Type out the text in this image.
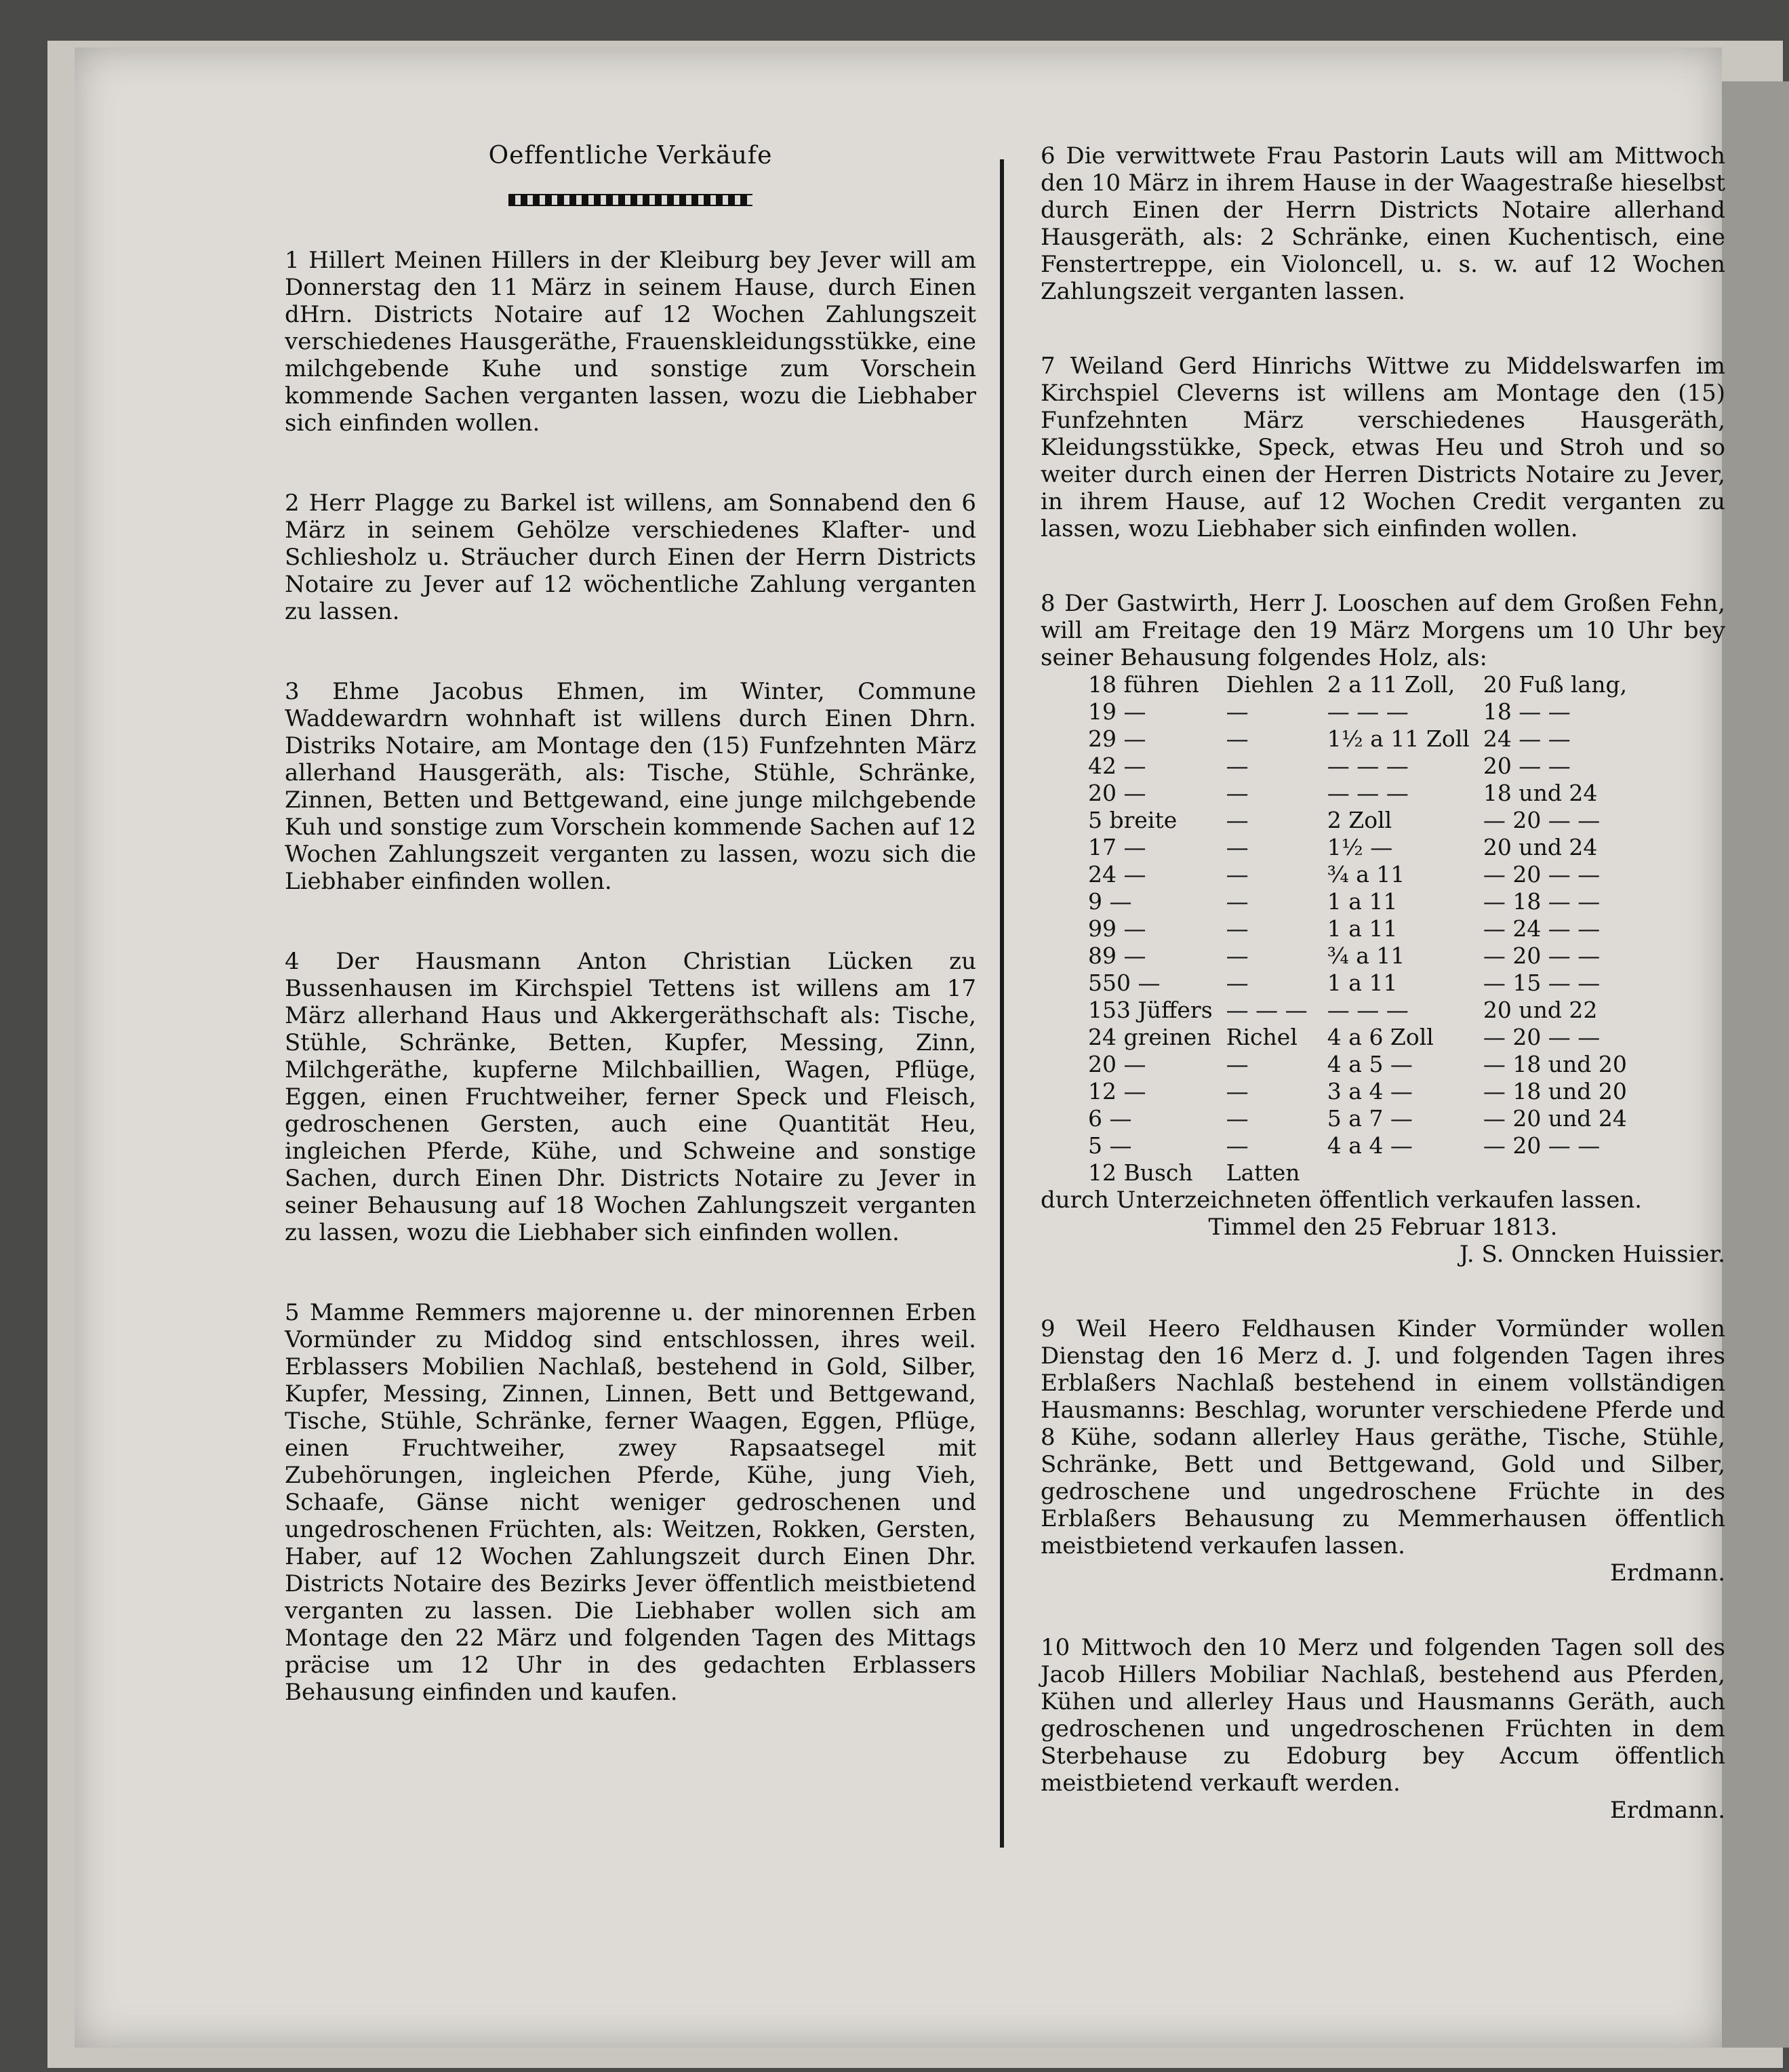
Oeffentliche Verkäufe

1 Hillert Meinen Hillers in der Kleiburg bey Jever will am Donnerstag den 11 März in seinem Hause, durch Einen dHrn. Districts Notaire auf 12 Wochen Zahlungszeit verschiedenes Hausgeräthe, Frauenskleidungsstükke, eine milchgebende Kuhe und sonstige zum Vorschein kommende Sachen verganten lassen, wozu die Liebhaber sich einfinden wollen.

2 Herr Plagge zu Barkel ist willens, am Sonnabend den 6 März in seinem Gehölze verschiedenes Klafter- und Schliesholz u. Sträucher durch Einen der Herrn Districts Notaire zu Jever auf 12 wöchentliche Zahlung verganten zu lassen.

3 Ehme Jacobus Ehmen, im Winter, Commune Waddewardrn wohnhaft ist willens durch Einen Dhrn. Distriks Notaire, am Montage den (15) Funfzehnten März allerhand Hausgeräth, als: Tische, Stühle, Schränke, Zinnen, Betten und Bettgewand, eine junge milchgebende Kuh und sonstige zum Vorschein kommende Sachen auf 12 Wochen Zahlungszeit verganten zu lassen, wozu sich die Liebhaber einfinden wollen.

4 Der Hausmann Anton Christian Lücken zu Bussenhausen im Kirchspiel Tettens ist willens am 17 März allerhand Haus und Akkergeräthschaft als: Tische, Stühle, Schränke, Betten, Kupfer, Messing, Zinn, Milchgeräthe, kupferne Milchbaillien, Wagen, Pflüge, Eggen, einen Fruchtweiher, ferner Speck und Fleisch, gedroschenen Gersten, auch eine Quantität Heu, ingleichen Pferde, Kühe, und Schweine and sonstige Sachen, durch Einen Dhr. Districts Notaire zu Jever in seiner Behausung auf 18 Wochen Zahlungszeit verganten zu lassen, wozu die Liebhaber sich einfinden wollen.

5 Mamme Remmers majorenne u. der minorennen Erben Vormünder zu Middog sind entschlossen, ihres weil. Erblassers Mobilien Nachlaß, bestehend in Gold, Silber, Kupfer, Messing, Zinnen, Linnen, Bett und Bettgewand, Tische, Stühle, Schränke, ferner Waagen, Eggen, Pflüge, einen Fruchtweiher, zwey Rapsaatsegel mit Zubehörungen, ingleichen Pferde, Kühe, jung Vieh, Schaafe, Gänse nicht weniger gedroschenen und ungedroschenen Früchten, als: Weitzen, Rokken, Gersten, Haber, auf 12 Wochen Zahlungszeit durch Einen Dhr. Districts Notaire des Bezirks Jever öffentlich meistbietend verganten zu lassen. Die Liebhaber wollen sich am Montage den 22 März und folgenden Tagen des Mittags präcise um 12 Uhr in des gedachten Erblassers Behausung einfinden und kaufen.

6 Die verwittwete Frau Pastorin Lauts will am Mittwoch den 10 März in ihrem Hause in der Waagestraße hieselbst durch Einen der Herrn Districts Notaire allerhand Hausgeräth, als: 2 Schränke, einen Kuchentisch, eine Fenstertreppe, ein Violoncell, u. s. w. auf 12 Wochen Zahlungszeit verganten lassen.

7 Weiland Gerd Hinrichs Wittwe zu Middelswarfen im Kirchspiel Cleverns ist willens am Montage den (15) Funfzehnten März verschiedenes Hausgeräth, Kleidungsstükke, Speck, etwas Heu und Stroh und so weiter durch einen der Herren Districts Notaire zu Jever, in ihrem Hause, auf 12 Wochen Credit verganten zu lassen, wozu Liebhaber sich einfinden wollen.

8 Der Gastwirth, Herr J. Looschen auf dem Großen Fehn, will am Freitage den 19 März Morgens um 10 Uhr bey seiner Behausung folgendes Holz, als:

18 führen	Diehlen	2 a 11 Zoll,	20 Fuß lang,
19 —	—	— — —	18 — —
29 —	—	1½ a 11 Zoll	24 — —
42 —	—	— — —	20 — —
20 —	—	— — —	18 und 24
5 breite	—	2 Zoll	— 20 — —
17 —	—	1½ —	20 und 24
24 —	—	¾ a 11	— 20 — —
9 —	—	1 a 11	— 18 — —
99 —	—	1 a 11	— 24 — —
89 —	—	¾ a 11	— 20 — —
550 —	—	1 a 11	— 15 — —
153 Jüffers	— — —	— — —	20 und 22
24 greinen	Richel	4 a 6 Zoll	— 20 — —
20 —	—	4 a 5 —	— 18 und 20
12 —	—	3 a 4 —	— 18 und 20
6 —	—	5 a 7 —	— 20 und 24
5 —	—	4 a 4 —	— 20 — —
12 Busch	Latten		

durch Unterzeichneten öffentlich verkaufen lassen.

Timmel den 25 Februar 1813.

J. S. Onncken Huissier.

9 Weil Heero Feldhausen Kinder Vormünder wollen Dienstag den 16 Merz d. J. und folgenden Tagen ihres Erblaßers Nachlaß bestehend in einem vollständigen Hausmanns: Beschlag, worunter verschiedene Pferde und 8 Kühe, sodann allerley Haus geräthe, Tische, Stühle, Schränke, Bett und Bettgewand, Gold und Silber, gedroschene und ungedroschene Früchte in des Erblaßers Behausung zu Memmerhausen öffentlich meistbietend verkaufen lassen.

Erdmann.

10 Mittwoch den 10 Merz und folgenden Tagen soll des Jacob Hillers Mobiliar Nachlaß, bestehend aus Pferden, Kühen und allerley Haus und Hausmanns Geräth, auch gedroschenen und ungedroschenen Früchten in dem Sterbehause zu Edoburg bey Accum öffentlich meistbietend verkauft werden.

Erdmann.
